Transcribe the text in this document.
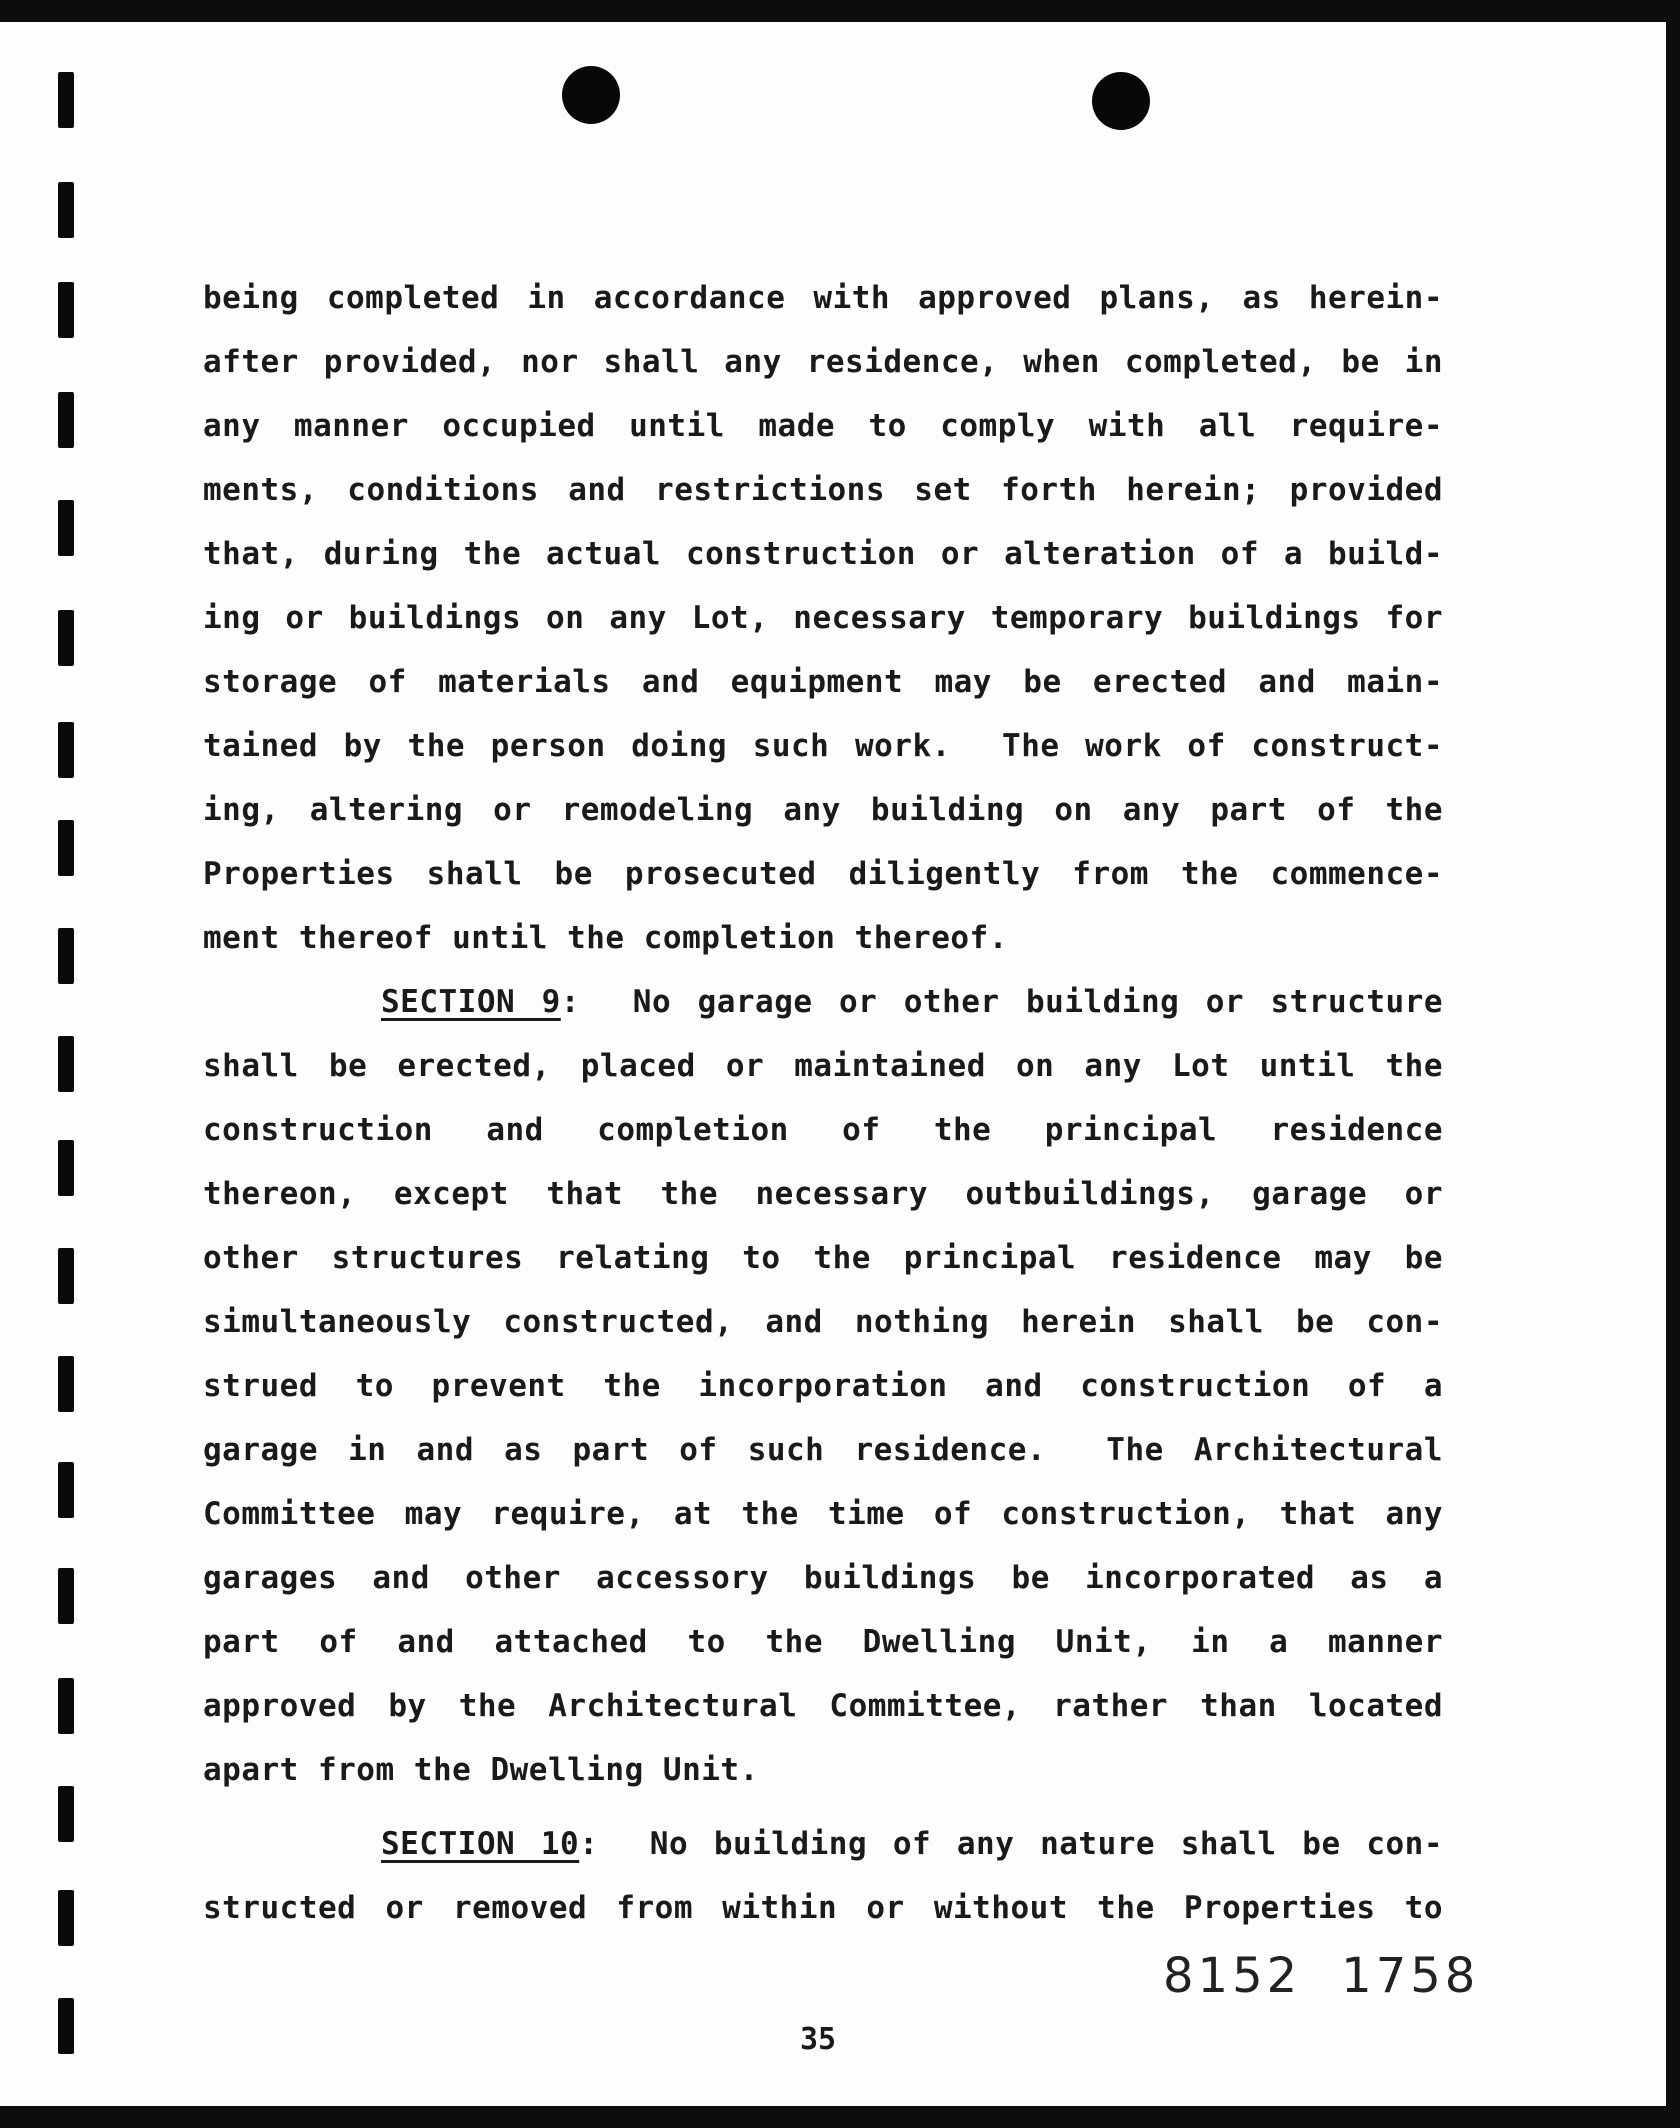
being completed in accordance with approved plans, as herein-
after provided, nor shall any residence, when completed, be in
any manner occupied until made to comply with all require-
ments, conditions and restrictions set forth herein; provided
that, during the actual construction or alteration of a build-
ing or buildings on any Lot, necessary temporary buildings for
storage of materials and equipment may be erected and main-
tained by the person doing such work.  The work of construct-
ing, altering or remodeling any building on any part of the
Properties shall be prosecuted diligently from the commence-
ment thereof until the completion thereof.
SECTION 9:  No garage or other building or structure
shall be erected, placed or maintained on any Lot until the
construction and completion of the principal residence
thereon, except that the necessary outbuildings, garage or
other structures relating to the principal residence may be
simultaneously constructed, and nothing herein shall be con-
strued to prevent the incorporation and construction of a
garage in and as part of such residence.  The Architectural
Committee may require, at the time of construction, that any
garages and other accessory buildings be incorporated as a
part of and attached to the Dwelling Unit, in a manner
approved by the Architectural Committee, rather than located
apart from the Dwelling Unit.
SECTION 10:  No building of any nature shall be con-
structed or removed from within or without the Properties to
8152 1758
35
